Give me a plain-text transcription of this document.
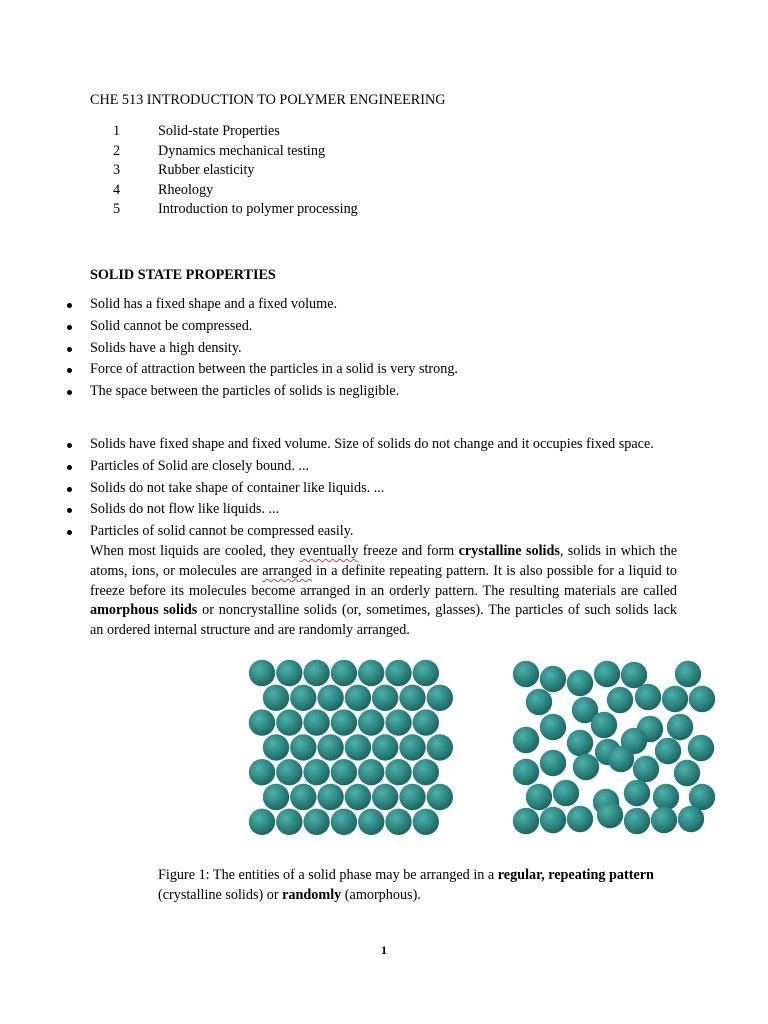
CHE 513 INTRODUCTION TO POLYMER ENGINEERING

1	Solid-state Properties
2	Dynamics mechanical testing
3	Rubber elasticity
4	Rheology
5	Introduction to polymer processing

SOLID STATE PROPERTIES

Solid has a fixed shape and a fixed volume.
Solid cannot be compressed.
Solids have a high density.
Force of attraction between the particles in a solid is very strong.
The space between the particles of solids is negligible.
Solids have fixed shape and fixed volume. Size of solids do not change and it occupies fixed space.
Particles of Solid are closely bound. ...
Solids do not take shape of container like liquids. ...
Solids do not flow like liquids. ...
Particles of solid cannot be compressed easily.

When most liquids are cooled, they eventually freeze and form crystalline solids, solids in which the atoms, ions, or molecules are arranged in a definite repeating pattern. It is also possible for a liquid to freeze before its molecules become arranged in an orderly pattern. The resulting materials are called amorphous solids or noncrystalline solids (or, sometimes, glasses). The particles of such solids lack an ordered internal structure and are randomly arranged.

Figure 1: The entities of a solid phase may be arranged in a regular, repeating pattern (crystalline solids) or randomly (amorphous).

1
